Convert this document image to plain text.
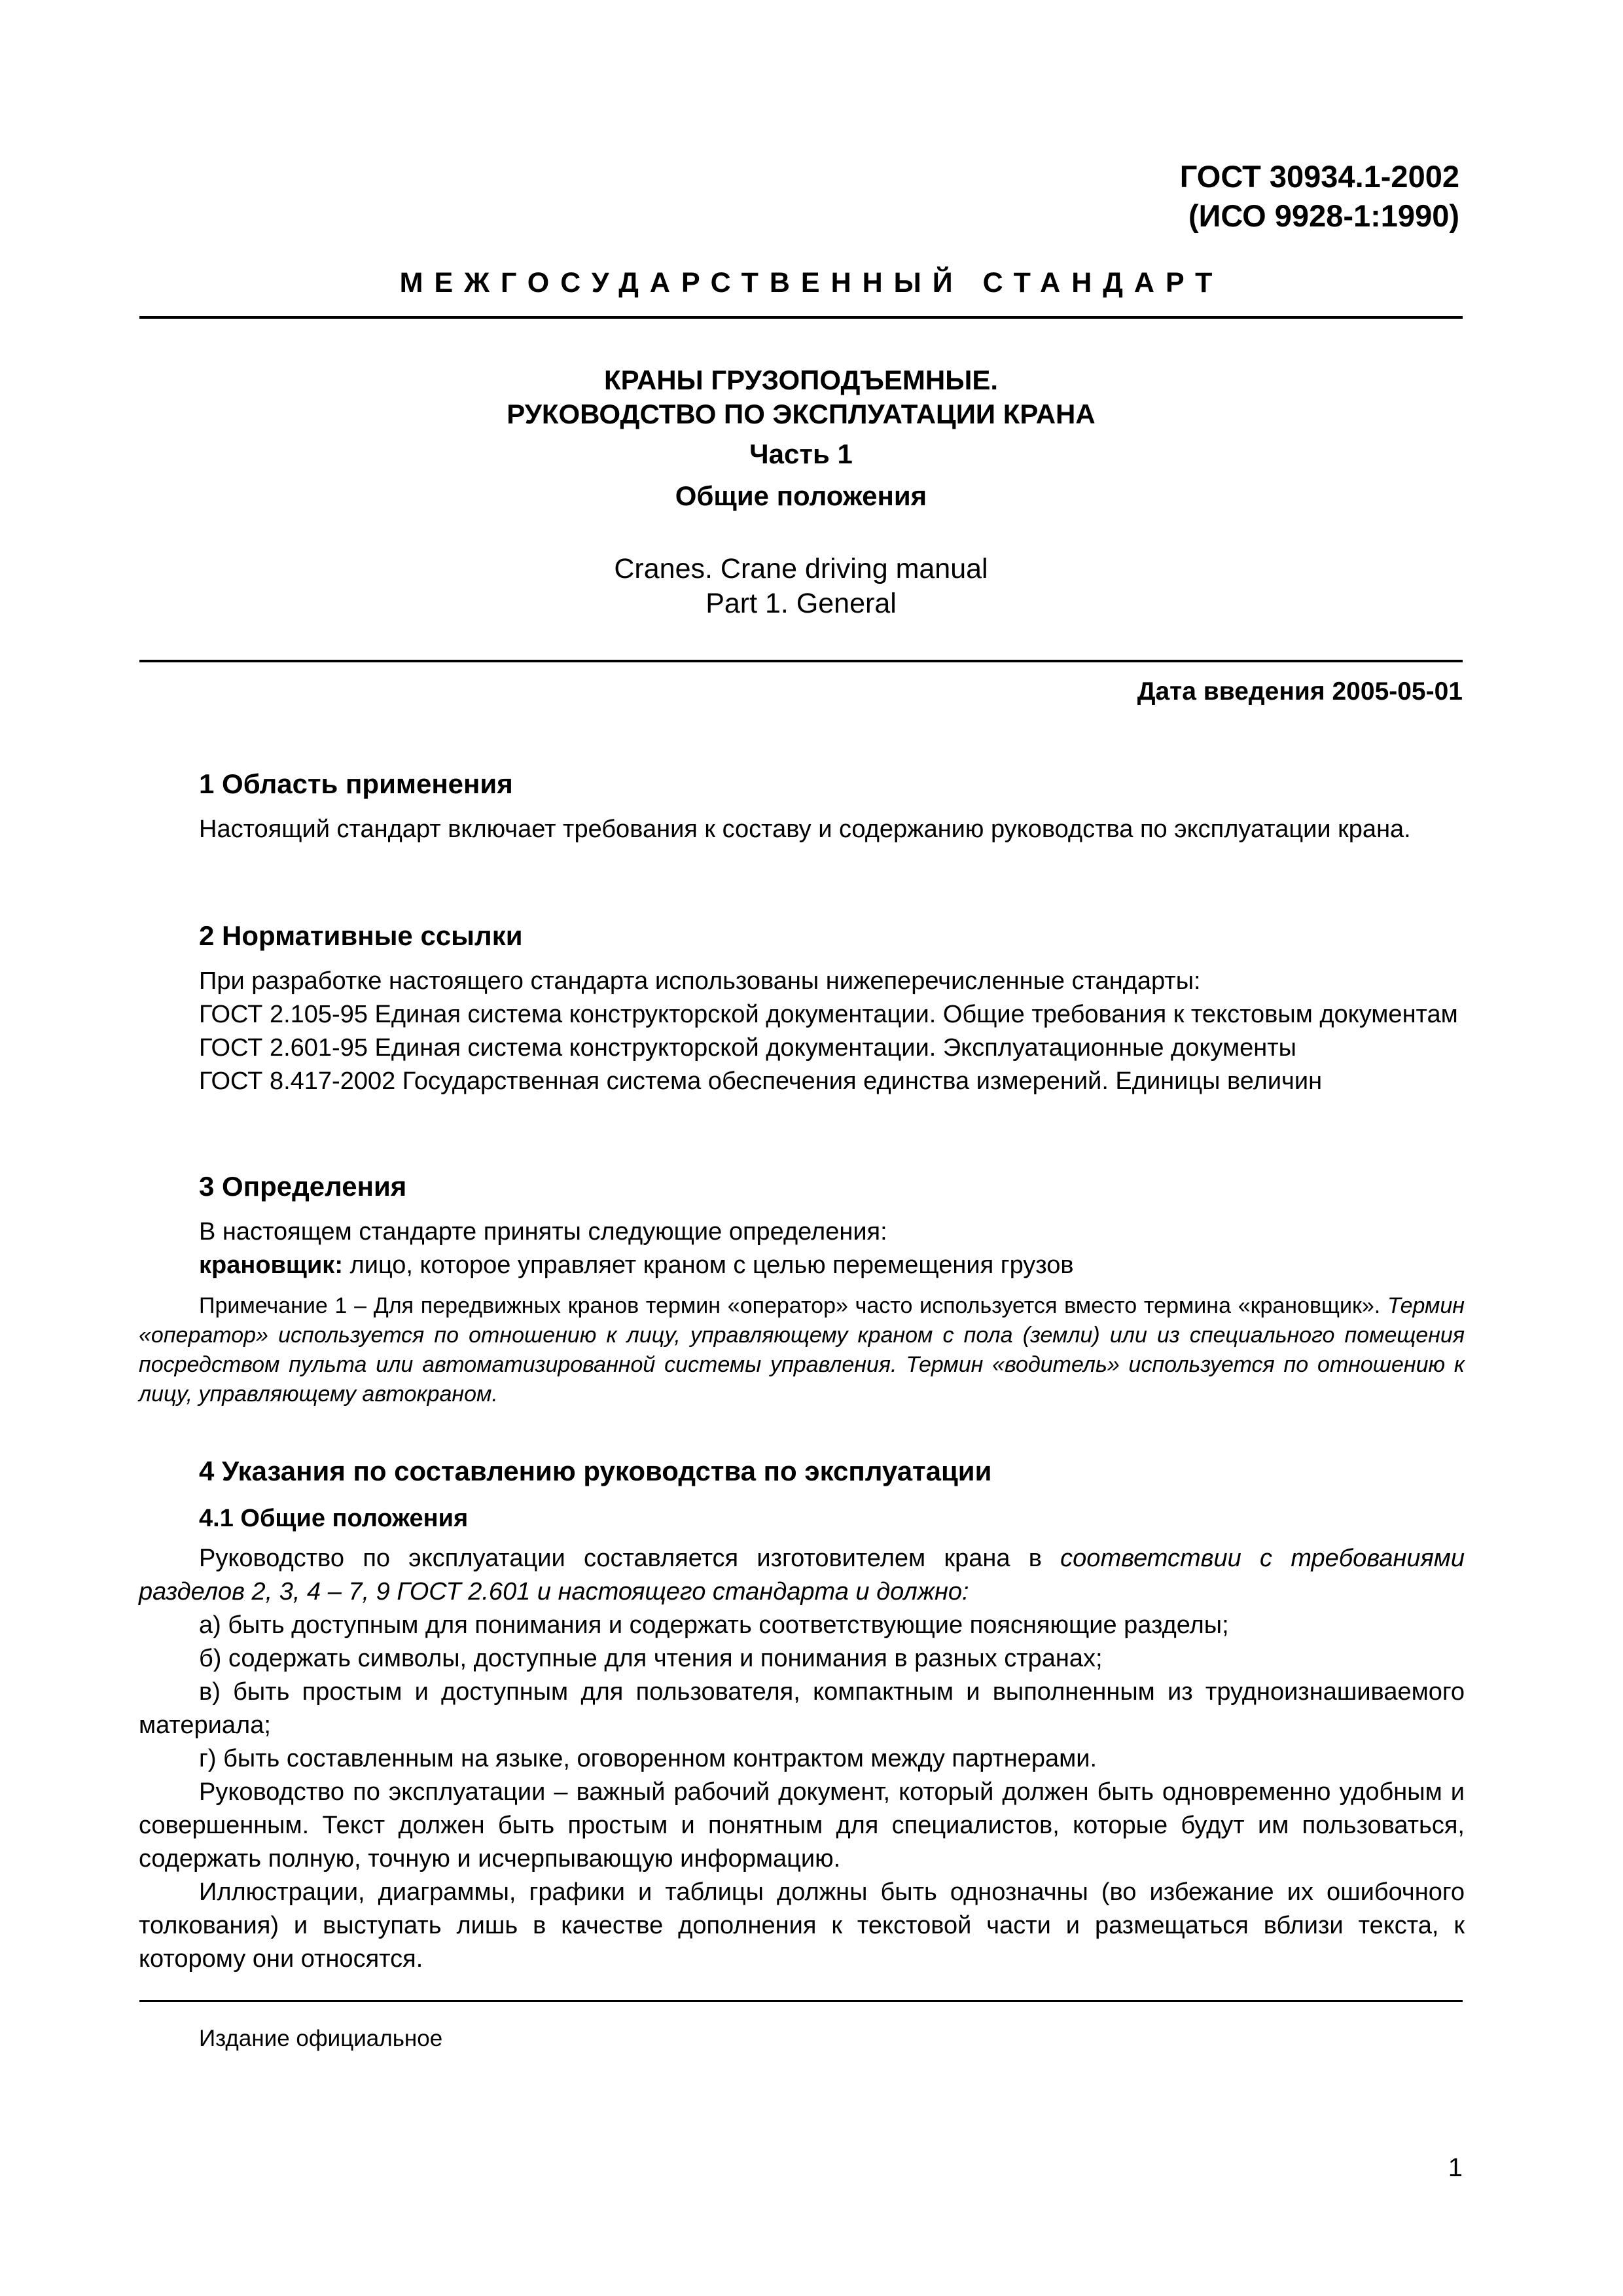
ГОСТ 30934.1-2002
(ИСО 9928-1:1990)
МЕЖГОСУДАРСТВЕННЫЙ СТАНДАРТ
КРАНЫ ГРУЗОПОДЪЕМНЫЕ.
РУКОВОДСТВО ПО ЭКСПЛУАТАЦИИ КРАНА
Часть 1
Общие положения
Cranes. Crane driving manual
Part 1. General
Дата введения 2005-05-01
1 Область применения

Настоящий стандарт включает требования к составу и содержанию руководства по эксплуатации крана.

2 Нормативные ссылки

При разработке настоящего стандарта использованы нижеперечисленные стандарты:

ГОСТ 2.105-95 Единая система конструкторской документации. Общие требования к текстовым документам

ГОСТ 2.601-95 Единая система конструкторской документации. Эксплуатационные документы

ГОСТ 8.417-2002 Государственная система обеспечения единства измерений. Единицы величин

3 Определения

В настоящем стандарте приняты следующие определения:

крановщик: лицо, которое управляет краном с целью перемещения грузов

Примечание 1 – Для передвижных кранов термин «оператор» часто используется вместо термина «крановщик». Термин «оператор» используется по отношению к лицу, управляющему краном с пола (земли) или из специального помещения посредством пульта или автоматизированной системы управления. Термин «водитель» используется по отношению к лицу, управляющему автокраном.

4 Указания по составлению руководства по эксплуатации
4.1 Общие положения

Руководство по эксплуатации составляется изготовителем крана в соответствии с требованиями разделов 2, 3, 4 – 7, 9 ГОСТ 2.601 и настоящего стандарта и должно:

а) быть доступным для понимания и содержать соответствующие поясняющие разделы;

б) содержать символы, доступные для чтения и понимания в разных странах;

в) быть простым и доступным для пользователя, компактным и выполненным из трудноизнашиваемого материала;

г) быть составленным на языке, оговоренном контрактом между партнерами.

Руководство по эксплуатации – важный рабочий документ, который должен быть одновременно удобным и совершенным. Текст должен быть простым и понятным для специалистов, которые будут им пользоваться, содержать полную, точную и исчерпывающую информацию.

Иллюстрации, диаграммы, графики и таблицы должны быть однозначны (во избежание их ошибочного толкования) и выступать лишь в качестве дополнения к текстовой части и размещаться вблизи текста, к которому они относятся.

Издание официальное
1
